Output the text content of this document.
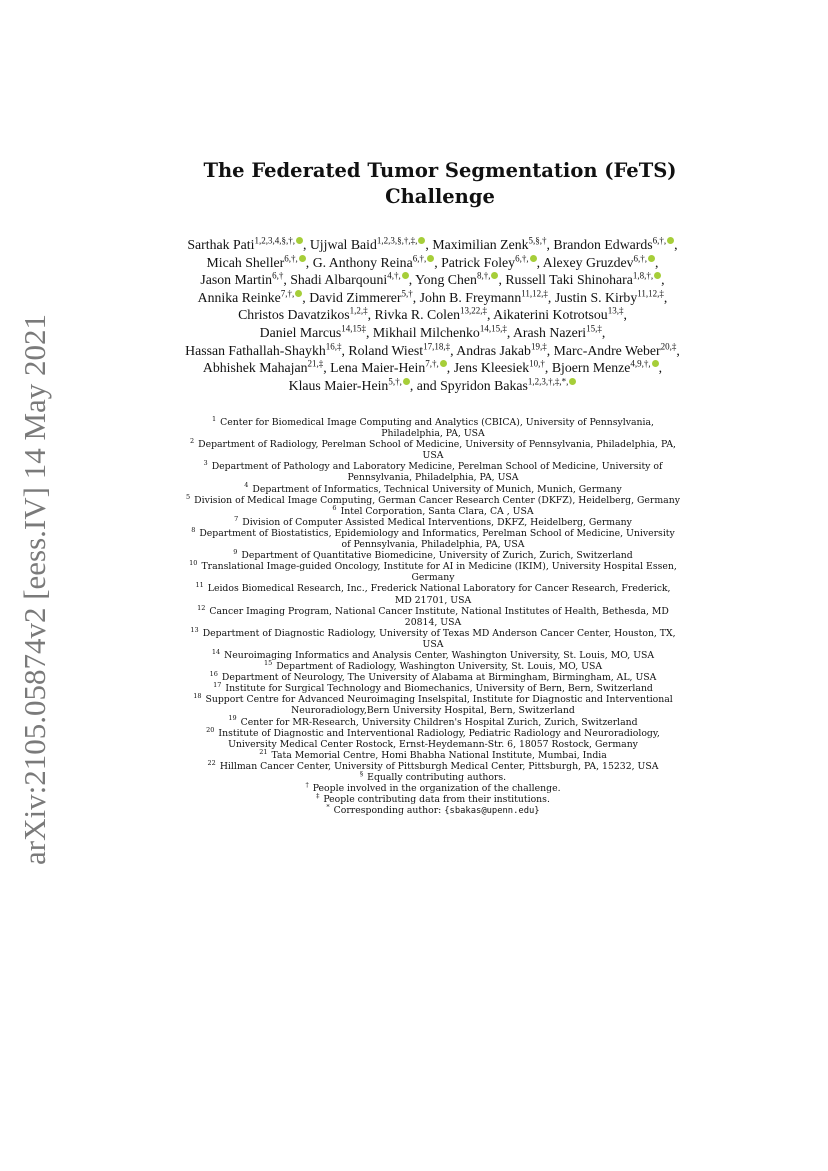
arXiv:2105.05874v2 [eess.IV] 14 May 2021
The Federated Tumor Segmentation (FeTS)
Challenge
Sarthak Pati$^{1,2,3,4,\S,\dagger,}$ , Ujjwal Baid$^{1,2,3,\S,\dagger,\ddagger,}$ , Maximilian Zenk$^{5,\S,\dagger}$, Brandon Edwards$^{6,\dagger,}$ , Micah Sheller$^{6,\dagger,}$ , G. Anthony Reina$^{6,\dagger,}$ , Patrick Foley$^{6,\dagger,}$ , Alexey Gruzdev$^{6,\dagger,}$ , Jason Martin$^{6,\dagger}$, Shadi Albarqouni$^{4,\dagger,}$ , Yong Chen$^{8,\dagger,}$ , Russell Taki Shinohara$^{1,8,\dagger,}$ , Annika Reinke$^{7,\dagger,}$ , David Zimmerer$^{5,\dagger}$, John B. Freymann$^{11,12,\ddagger}$, Justin S. Kirby$^{11,12,\ddagger}$, Christos Davatzikos$^{1,2,\ddagger}$, Rivka R. Colen$^{13,22,\ddagger}$, Aikaterini Kotrotsou$^{13,\ddagger}$, Daniel Marcus$^{14,15\ddagger}$, Mikhail Milchenko$^{14,15,\ddagger}$, Arash Nazeri$^{15,\ddagger}$, Hassan Fathallah-Shaykh$^{16,\ddagger}$, Roland Wiest$^{17,18,\ddagger}$, Andras Jakab$^{19,\ddagger}$, Marc-Andre Weber$^{20,\ddagger}$, Abhishek Mahajan$^{21,\ddagger}$, Lena Maier-Hein$^{7,\dagger,}$ , Jens Kleesiek$^{10,\dagger}$, Bjoern Menze$^{4,9,\dagger,}$ , Klaus Maier-Hein$^{5,\dagger,}$ , and Spyridon Bakas$^{1,2,3,\dagger,\ddagger,*,}$
$^1$ Center for Biomedical Image Computing and Analytics (CBICA), University of Pennsylvania, Philadelphia, PA, USA
$^2$ Department of Radiology, Perelman School of Medicine, University of Pennsylvania, Philadelphia, PA, USA
$^3$ Department of Pathology and Laboratory Medicine, Perelman School of Medicine, University of Pennsylvania, Philadelphia, PA, USA
$^4$ Department of Informatics, Technical University of Munich, Munich, Germany
$^5$ Division of Medical Image Computing, German Cancer Research Center (DKFZ), Heidelberg, Germany
$^6$ Intel Corporation, Santa Clara, CA , USA
$^7$ Division of Computer Assisted Medical Interventions, DKFZ, Heidelberg, Germany
$^8$ Department of Biostatistics, Epidemiology and Informatics, Perelman School of Medicine, University of Pennsylvania, Philadelphia, PA, USA
$^9$ Department of Quantitative Biomedicine, University of Zurich, Zurich, Switzerland
$^{10}$ Translational Image-guided Oncology, Institute for AI in Medicine (IKIM), University Hospital Essen, Germany
$^{11}$ Leidos Biomedical Research, Inc., Frederick National Laboratory for Cancer Research, Frederick, MD 21701, USA
$^{12}$ Cancer Imaging Program, National Cancer Institute, National Institutes of Health, Bethesda, MD 20814, USA
$^{13}$ Department of Diagnostic Radiology, University of Texas MD Anderson Cancer Center, Houston, TX, USA
$^{14}$ Neuroimaging Informatics and Analysis Center, Washington University, St. Louis, MO, USA
$^{15}$ Department of Radiology, Washington University, St. Louis, MO, USA
$^{16}$ Department of Neurology, The University of Alabama at Birmingham, Birmingham, AL, USA
$^{17}$ Institute for Surgical Technology and Biomechanics, University of Bern, Bern, Switzerland
$^{18}$ Support Centre for Advanced Neuroimaging Inselspital, Institute for Diagnostic and Interventional Neuroradiology,Bern University Hospital, Bern, Switzerland
$^{19}$ Center for MR-Research, University Children's Hospital Zurich, Zurich, Switzerland
$^{20}$ Institute of Diagnostic and Interventional Radiology, Pediatric Radiology and Neuroradiology, University Medical Center Rostock, Ernst-Heydemann-Str. 6, 18057 Rostock, Germany
$^{21}$ Tata Memorial Centre, Homi Bhabha National Institute, Mumbai, India
$^{22}$ Hillman Cancer Center, University of Pittsburgh Medical Center, Pittsburgh, PA, 15232, USA
§ Equally contributing authors.
† People involved in the organization of the challenge.
‡ People contributing data from their institutions.
* Corresponding author: {sbakas@upenn.edu}
